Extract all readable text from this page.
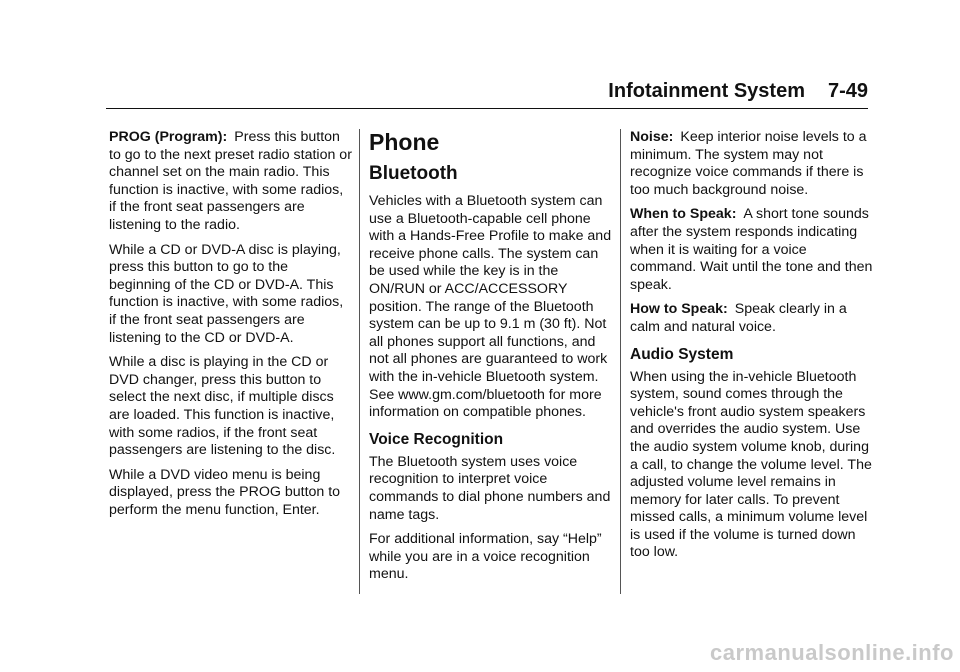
Infotainment System 7-49

PROG (Program): Press this button to go to the next preset radio station or channel set on the main radio. This function is inactive, with some radios, if the front seat passengers are listening to the radio.

While a CD or DVD-A disc is playing, press this button to go to the beginning of the CD or DVD-A. This function is inactive, with some radios, if the front seat passengers are listening to the CD or DVD-A.

While a disc is playing in the CD or DVD changer, press this button to select the next disc, if multiple discs are loaded. This function is inactive, with some radios, if the front seat passengers are listening to the disc.

While a DVD video menu is being displayed, press the PROG button to perform the menu function, Enter.

Phone
Bluetooth

Vehicles with a Bluetooth system can use a Bluetooth-capable cell phone with a Hands-Free Profile to make and receive phone calls. The system can be used while the key is in the ON/RUN or ACC/ACCESSORY position. The range of the Bluetooth system can be up to 9.1 m (30 ft). Not all phones support all functions, and not all phones are guaranteed to work with the in-vehicle Bluetooth system. See www.gm.com/bluetooth for more information on compatible phones.

Voice Recognition

The Bluetooth system uses voice recognition to interpret voice commands to dial phone numbers and name tags.

For additional information, say “Help” while you are in a voice recognition menu.

Noise: Keep interior noise levels to a minimum. The system may not recognize voice commands if there is too much background noise.

When to Speak: A short tone sounds after the system responds indicating when it is waiting for a voice command. Wait until the tone and then speak.

How to Speak: Speak clearly in a calm and natural voice.

Audio System

When using the in-vehicle Bluetooth system, sound comes through the vehicle's front audio system speakers and overrides the audio system. Use the audio system volume knob, during a call, to change the volume level. The adjusted volume level remains in memory for later calls. To prevent missed calls, a minimum volume level is used if the volume is turned down too low.

carmanualsonline.info
